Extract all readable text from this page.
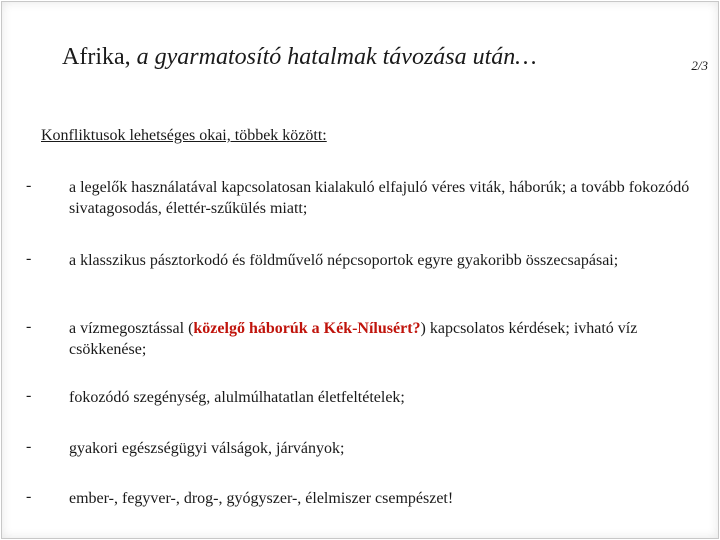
Afrika, a gyarmatosító hatalmak távozása után…	2/3
Konfliktusok lehetséges okai, többek között:
- a legelők használatával kapcsolatosan kialakuló elfajuló véres viták, háborúk; a tovább fokozódó sivatagosodás, élettér-szűkülés miatt;
- a klasszikus pásztorkodó és földművelő népcsoportok egyre gyakoribb összecsapásai;
- a vízmegosztással (közelgő háborúk a Kék-Nílusért?) kapcsolatos kérdések; ivható víz csökkenése;
- fokozódó szegénység, alulmúlhatatlan életfeltételek;
- gyakori egészségügyi válságok, járványok;
- ember-, fegyver-, drog-, gyógyszer-, élelmiszer csempészet!
